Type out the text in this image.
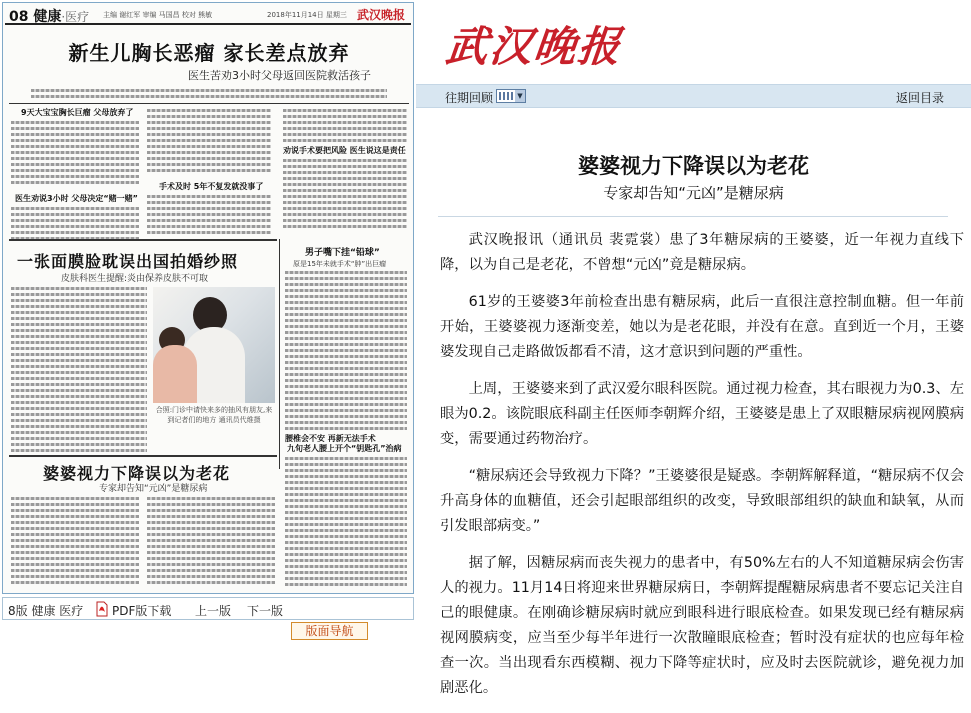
08 健康·医疗 主编 谢红军 审编 马国昌 校对 熊敏	2018年11月14日 星期三 武汉晚报
新生儿胸长恶瘤 家长差点放弃
医生苦劝3小时父母返回医院救活孩子
9天大宝宝胸长巨瘤 父母放弃了
医生劝说3小时 父母决定“赌一赌”
手术及时 5年不复发就没事了
劝说手术要把风险 医生说这是责任
一张面膜脸耽误出国拍婚纱照
皮肤科医生提醒:炎由保养皮肤不可取
合照:门诊中请快来多的抽风有朋友,来到记者们的地方 通讯员代维摄
男子嘴下挂“铅球”
原是15年未就手术“肿”出巨瘤
腰椎会不安 再新无法手术
九旬老人腰上开个“钥匙孔”治病
婆婆视力下降误以为老花
专家却告知“元凶”是糖尿病
8版 健康 医疗 PDF版下载 上一版 下一版
版面导航
武汉晚报
往期回顾	▼	返回目录
婆婆视力下降误以为老花
专家却告知“元凶”是糖尿病

武汉晚报讯（通讯员 裴霓裳）患了3年糖尿病的王婆婆，近一年视力直线下降，以为自己是老花，不曾想“元凶”竟是糖尿病。

61岁的王婆婆3年前检查出患有糖尿病，此后一直很注意控制血糖。但一年前开始，王婆婆视力逐渐变差，她以为是老花眼，并没有在意。直到近一个月，王婆婆发现自己走路做饭都看不清，这才意识到问题的严重性。

上周，王婆婆来到了武汉爱尔眼科医院。通过视力检查，其右眼视力为0.3、左眼为0.2。该院眼底科副主任医师李朝辉介绍，王婆婆是患上了双眼糖尿病视网膜病变，需要通过药物治疗。

“糖尿病还会导致视力下降？”王婆婆很是疑惑。李朝辉解释道，“糖尿病不仅会升高身体的血糖值，还会引起眼部组织的改变，导致眼部组织的缺血和缺氧，从而引发眼部病变。”

据了解，因糖尿病而丧失视力的患者中，有50%左右的人不知道糖尿病会伤害人的视力。11月14日将迎来世界糖尿病日，李朝辉提醒糖尿病患者不要忘记关注自己的眼健康。在刚确诊糖尿病时就应到眼科进行眼底检查。如果发现已经有糖尿病视网膜病变，应当至少每半年进行一次散瞳眼底检查；暂时没有症状的也应每年检查一次。当出现看东西模糊、视力下降等症状时，应及时去医院就诊，避免视力加剧恶化。
